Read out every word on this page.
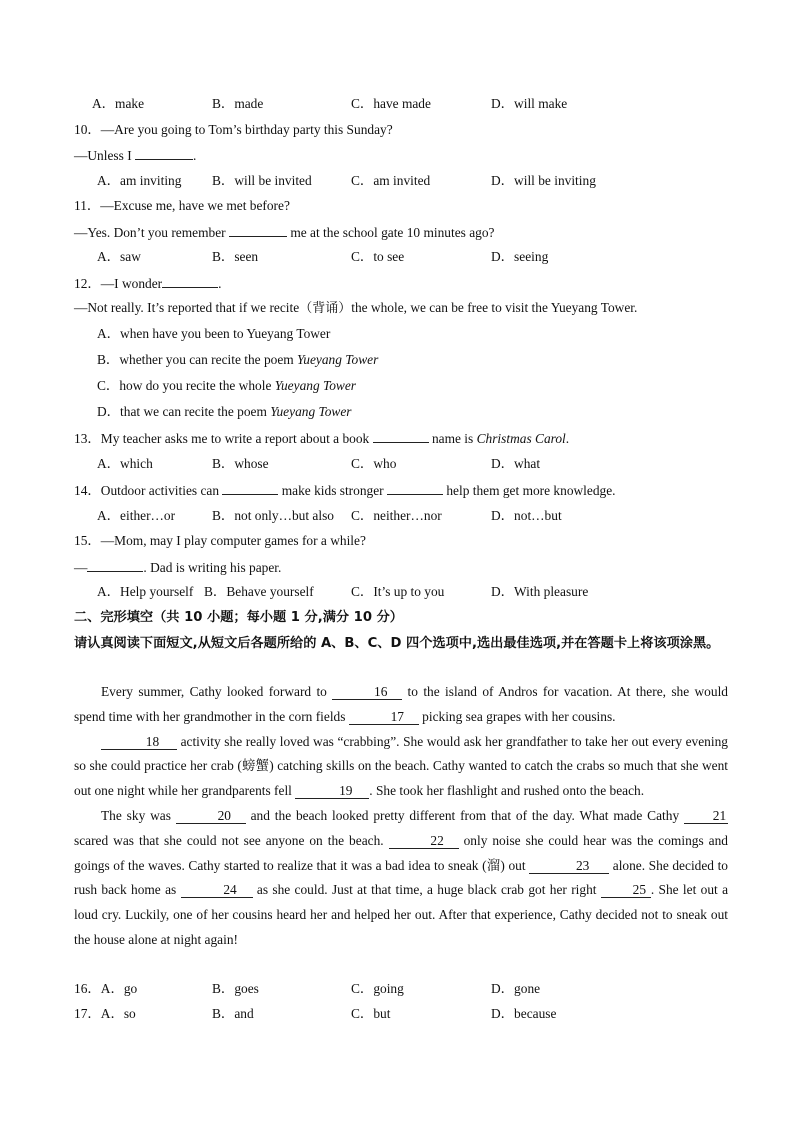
A．make	B．made	C．have made	D．will make
10．—Are you going to Tom’s birthday party this Sunday?
—Unless I	.
A．am inviting B．will be invited	C．am invited	D．will be inviting
11．—Excuse me, have we met before?
—Yes. Don’t you remember	me at the school gate 10 minutes ago?
A．saw	B．seen	C．to see	D．seeing
12．—I wonder	.
—Not really. It’s reported that if we recite（背诵）the whole, we can be free to visit the Yueyang Tower.
A．when have you been to Yueyang Tower
B．whether you can recite the poem Yueyang Tower
C．how do you recite the whole Yueyang Tower
D．that we can recite the poem Yueyang Tower
13．My teacher asks me to write a report about a book	name is Christmas Carol.
A．which	B．whose	C．who	D．what
14．Outdoor activities can	make kids stronger	help them get more knowledge.
A．either…or	B．not only…but also C．neither…nor	D．not…but
15．—Mom, may I play computer games for a while?
—	. Dad is writing his paper.
A．Help yourself B．Behave yourself	C．It’s up to you	D．With pleasure
二、完形填空（共 10 小题；每小题 1 分,满分 10 分）
请认真阅读下面短文,从短文后各题所给的 A、B、C、D 四个选项中,选出最佳选项,并在答题卡上将该项涂黑。
Every summer, Cathy looked forward to	16 to the island of Andros for vacation. At there, she would spend time with her grandmother in the corn fields	17 picking sea grapes with her cousins.
18 activity she really loved was “crabbing”. She would ask her grandfather to take her out every evening so she could practice her crab (螃蟹) catching skills on the beach. Cathy wanted to catch the crabs so much that she went out one night while her grandparents fell	19 . She took her flashlight and rushed onto the beach.
The sky was	20 and the beach looked pretty different from that of the day. What made Cathy 21 scared was that she could not see anyone on the beach.	22 only noise she could hear was the comings and goings of the waves. Cathy started to realize that it was a bad idea to sneak (溜) out	23 alone. She decided to rush back home as	24 as she could. Just at that time, a huge black crab got her right 25 . She let out a loud cry. Luckily, one of her cousins heard her and helped her out. After that experience, Cathy decided not to sneak out the house alone at night again!
16．A．go	B．goes	C．going	D．gone
17．A．so	B．and	C．but	D．because
